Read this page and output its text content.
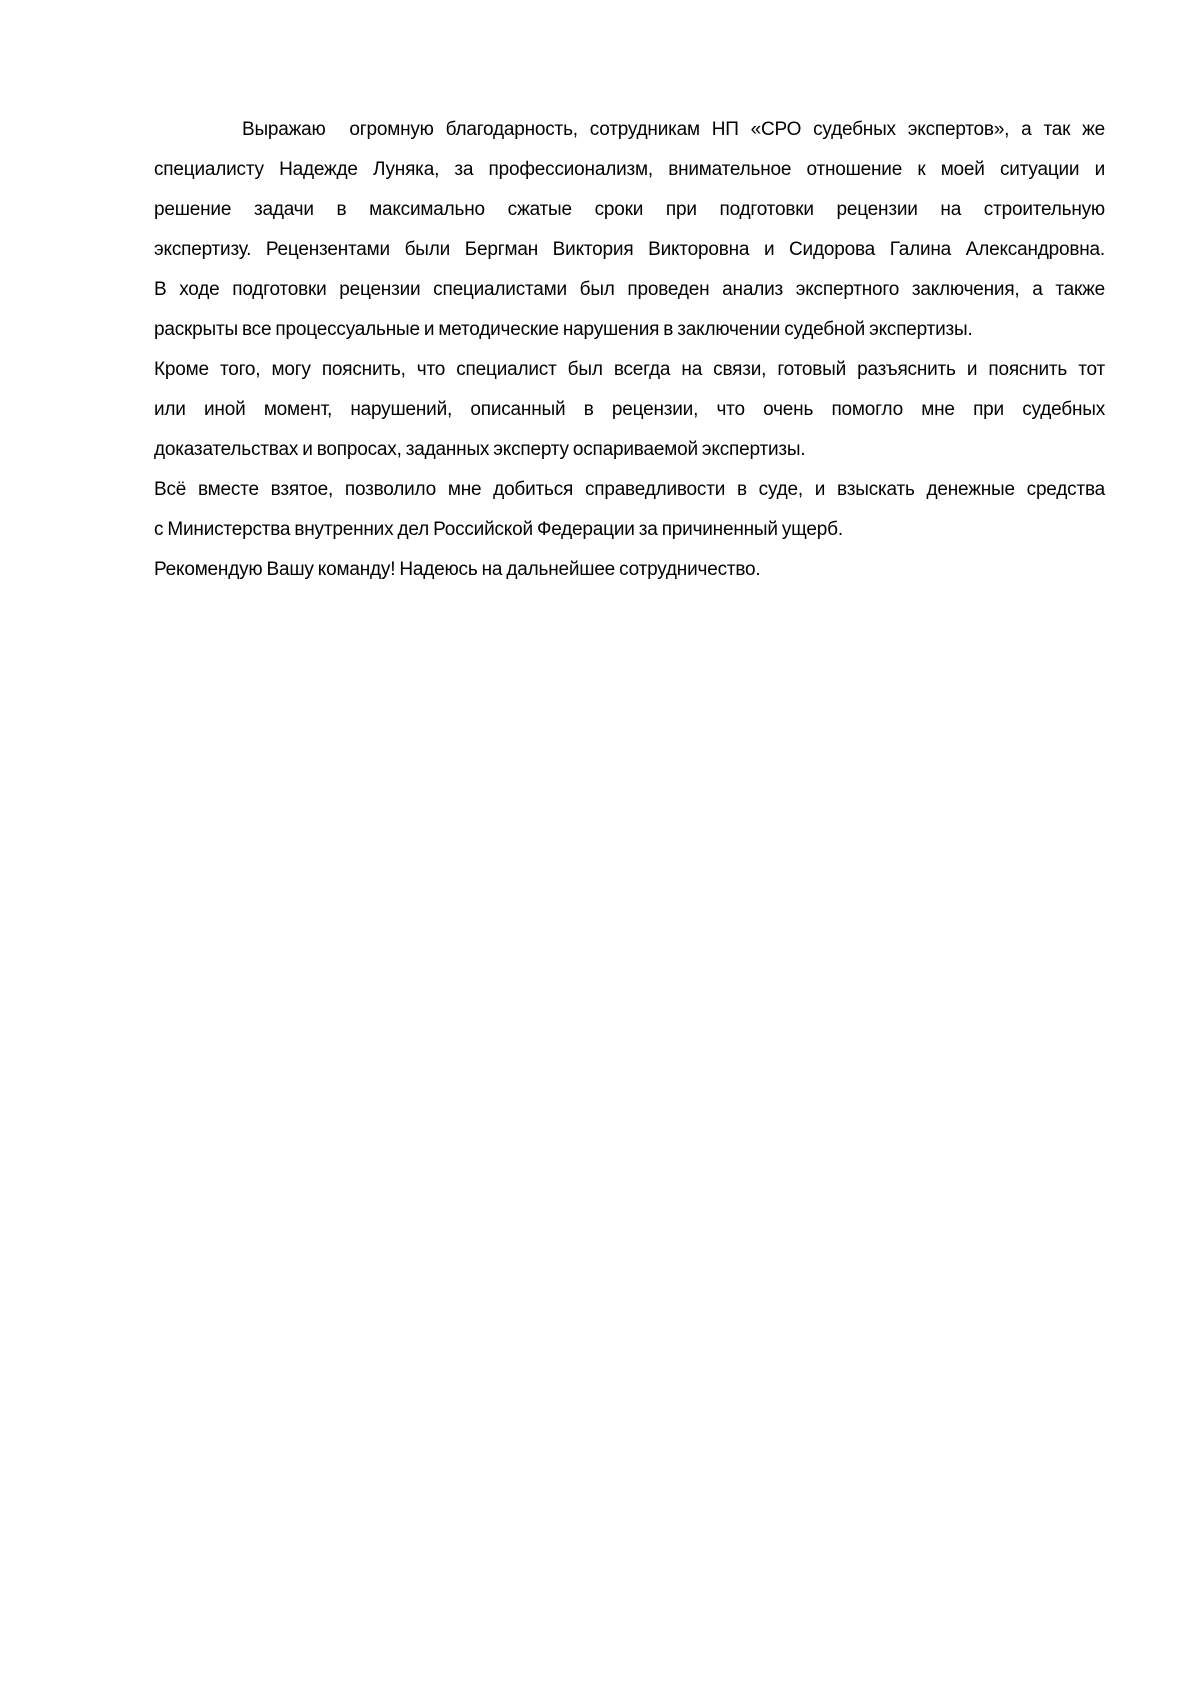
Выражаю  огромную благодарность, сотрудникам НП «СРО судебных экспертов», а так же
специалисту Надежде Луняка, за профессионализм, внимательное отношение к моей ситуации и
решение задачи в максимально сжатые сроки при подготовки рецензии на строительную
экспертизу. Рецензентами были Бергман Виктория Викторовна и Сидорова Галина Александровна.
В ходе подготовки рецензии специалистами был проведен анализ экспертного заключения, а также
раскрыты все процессуальные и методические нарушения в заключении судебной экспертизы.
Кроме того, могу пояснить, что специалист был всегда на связи, готовый разъяснить и пояснить тот
или иной момент, нарушений, описанный в рецензии, что очень помогло мне при судебных
доказательствах и вопросах, заданных эксперту оспариваемой экспертизы.
Всё вместе взятое, позволило мне добиться справедливости в суде, и взыскать денежные средства
с Министерства внутренних дел Российской Федерации за причиненный ущерб.
Рекомендую Вашу команду! Надеюсь на дальнейшее сотрудничество.
